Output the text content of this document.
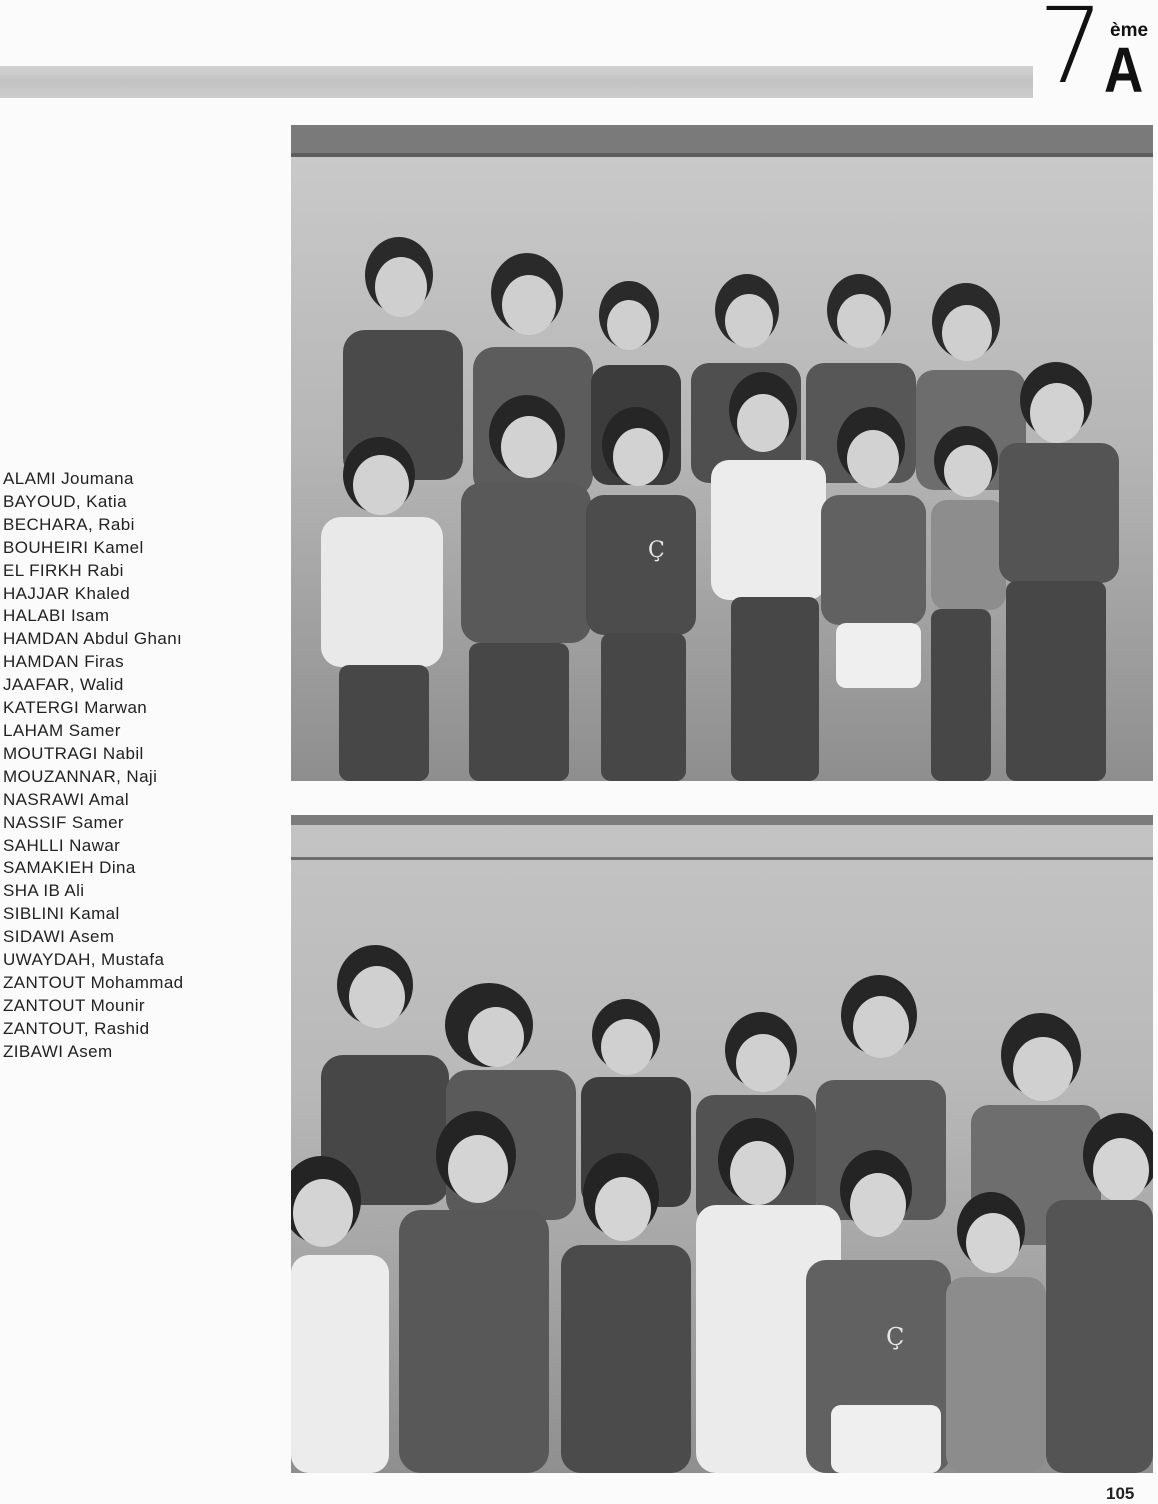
7 ème
A
ALAMI Joumana
BAYOUD, Katia
BECHARA, Rabi
BOUHEIRI Kamel
EL FIRKH Rabi
HAJJAR Khaled
HALABI Isam
HAMDAN Abdul Ghanı
HAMDAN Firas
JAAFAR, Walid
KATERGI Marwan
LAHAM Samer
MOUTRAGI Nabil
MOUZANNAR, Naji
NASRAWI Amal
NASSIF Samer
SAHLLI Nawar
SAMAKIEH Dina
SHA IB Ali
SIBLINI Kamal
SIDAWI Asem
UWAYDAH, Mustafa
ZANTOUT Mohammad
ZANTOUT Mounir
ZANTOUT, Rashid
ZIBAWI Asem
Ç
Ç
105
